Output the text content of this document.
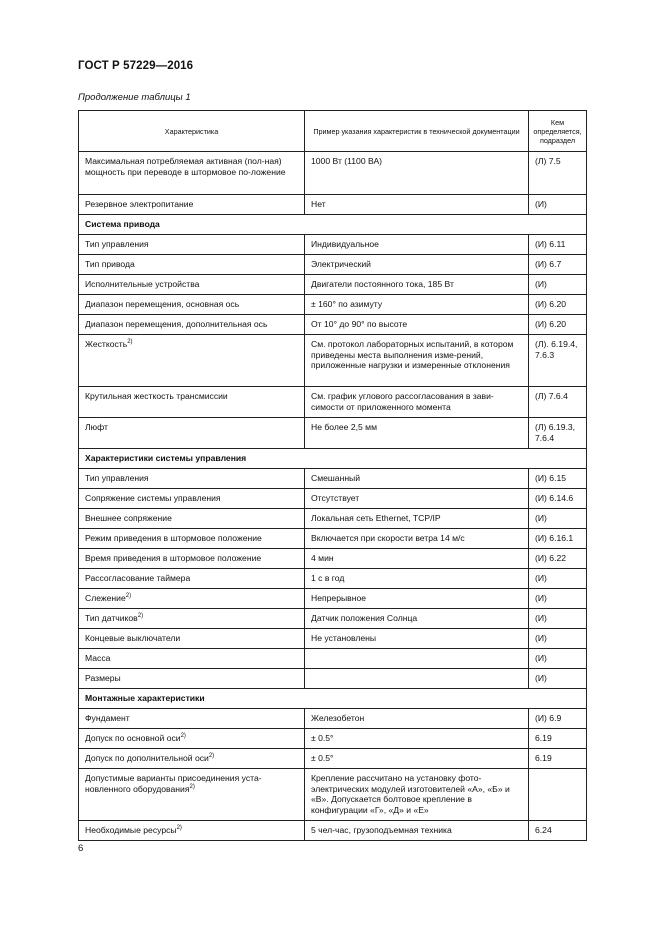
ГОСТ Р 57229—2016
Продолжение таблицы 1
Характеристика	Пример указания характеристик в технической документации	Кем определяется, подраздел
Максимальная потребляемая активная (пол-ная) мощность при переводе в штормовое по-ложение	1000 Вт (1100 ВА)	(Л) 7.5
Резервное электропитание	Нет	(И)
Система привода		
Тип управления	Индивидуальное	(И) 6.11
Тип привода	Электрический	(И) 6.7
Исполнительные устройства	Двигатели постоянного тока, 185 Вт	(И)
Диапазон перемещения, основная ось	± 160° по азимуту	(И) 6.20
Диапазон перемещения, дополнительная ось	От 10° до 90° по высоте	(И) 6.20
Жесткость$^{2)}$	См. протокол лабораторных испытаний, в котором приведены места выполнения изме-рений, приложенные нагрузки и измеренные отклонения	(Л). 6.19.4, 7.6.3
Крутильная жесткость трансмиссии	См. график углового рассогласования в зави-симости от приложенного момента	(Л) 7.6.4
Люфт	Не более 2,5 мм	(Л) 6.19.3, 7.6.4
Характеристики системы управления		
Тип управления	Смешанный	(И) 6.15
Сопряжение системы управления	Отсутствует	(И) 6.14.6
Внешнее сопряжение	Локальная сеть Ethernet, TCP/IP	(И)
Режим приведения в штормовое положение	Включается при скорости ветра 14 м/с	(И) 6.16.1
Время приведения в штормовое положение	4 мин	(И) 6.22
Рассогласование таймера	1 с в год	(И)
Слежение$^{2)}$	Непрерывное	(И)
Тип датчиков$^{2)}$	Датчик положения Солнца	(И)
Концевые выключатели	Не установлены	(И)
Масса		(И)
Размеры		(И)
Монтажные характеристики		
Фундамент	Железобетон	(И) 6.9
Допуск по основной оси$^{2)}$	± 0.5°	6.19
Допуск по дополнительной оси$^{2)}$	± 0.5°	6.19
Допустимые варианты присоединения уста-новленного оборудования$^{2)}$	Крепление рассчитано на установку фото-электрических модулей изготовителей «А», «Б» и «В». Допускается болтовое крепление в конфигурации «Г», «Д» и «Е»	
Необходимые ресурсы$^{2)}$	5 чел-час, грузоподъемная техника	6.24
6
